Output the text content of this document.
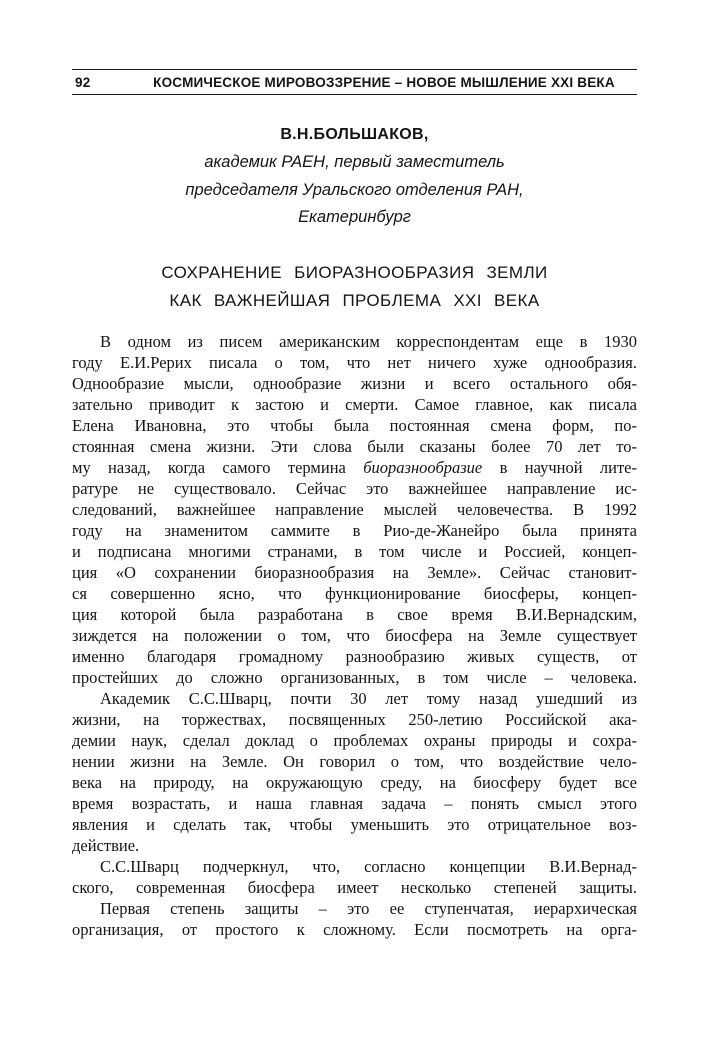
92	КОСМИЧЕСКОЕ МИРОВОЗЗРЕНИЕ – НОВОЕ МЫШЛЕНИЕ XXI ВЕКА
В.Н.БОЛЬШАКОВ,
академик РАЕН, первый заместитель
председателя Уральского отделения РАН,
Екатеринбург
СОХРАНЕНИЕ БИОРАЗНООБРАЗИЯ ЗЕМЛИ
КАК ВАЖНЕЙШАЯ ПРОБЛЕМА XXI ВЕКА
В одном из писем американским корреспондентам еще в 1930
году Е.И.Рерих писала о том, что нет ничего хуже однообразия.
Однообразие мысли, однообразие жизни и всего остального обя-
зательно приводит к застою и смерти. Самое главное, как писала
Елена Ивановна, это чтобы была постоянная смена форм, по-
стоянная смена жизни. Эти слова были сказаны более 70 лет то-
му назад, когда самого термина биоразнообразие в научной лите-
ратуре не существовало. Сейчас это важнейшее направление ис-
следований, важнейшее направление мыслей человечества. В 1992
году на знаменитом саммите в Рио-де-Жанейро была принята
и подписана многими странами, в том числе и Россией, концеп-
ция «О сохранении биоразнообразия на Земле». Сейчас становит-
ся совершенно ясно, что функционирование биосферы, концеп-
ция которой была разработана в свое время В.И.Вернадским,
зиждется на положении о том, что биосфера на Земле существует
именно благодаря громадному разнообразию живых существ, от
простейших до сложно организованных, в том числе – человека.
Академик С.С.Шварц, почти 30 лет тому назад ушедший из
жизни, на торжествах, посвященных 250-летию Российской ака-
демии наук, сделал доклад о проблемах охраны природы и сохра-
нении жизни на Земле. Он говорил о том, что воздействие чело-
века на природу, на окружающую среду, на биосферу будет все
время возрастать, и наша главная задача – понять смысл этого
явления и сделать так, чтобы уменьшить это отрицательное воз-
действие.
С.С.Шварц подчеркнул, что, согласно концепции В.И.Вернад-
ского, современная биосфера имеет несколько степеней защиты.
Первая степень защиты – это ее ступенчатая, иерархическая
организация, от простого к сложному. Если посмотреть на орга-
